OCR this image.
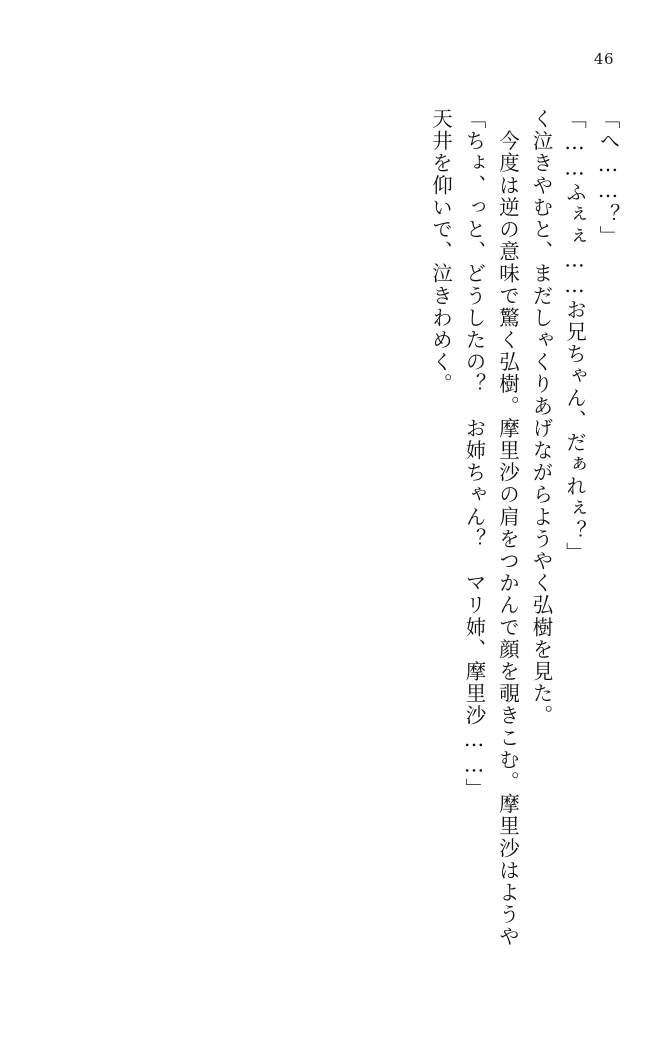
46
天井を仰いで、泣きわめく。 「ちょ、っと、どうしたの？　お姉ちゃん？　マリ姉、摩里沙……」 　今度は逆の意味で驚く弘樹。摩里沙の肩をつかんで顔を覗きこむ。摩里沙はようや く泣きやむと、まだしゃくりあげながらようやく弘樹を見た。 「……ふぇぇ……お兄ちゃん、だぁれぇ？」 「へ……？」
